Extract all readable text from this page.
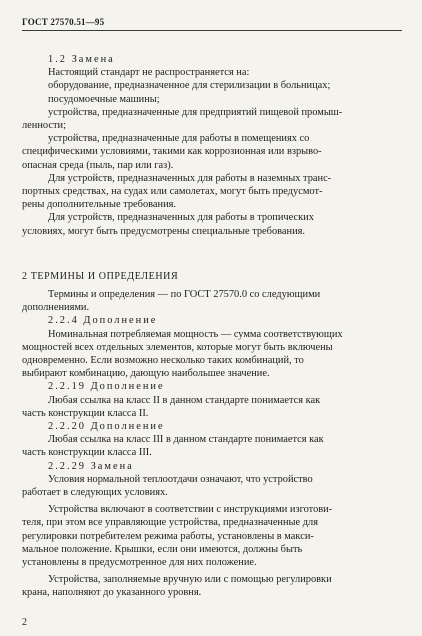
ГОСТ 27570.51—95

1.2 Замена

Настоящий стандарт не распространяется на:

оборудование, предназначенное для стерилизации в больницах;

посудомоечные машины;

устройства, предназначенные для предприятий пищевой промыш-

ленности;

устройства, предназначенные для работы в помещениях со

специфическими условиями, такими как коррозионная или взрыво-

опасная среда (пыль, пар или газ).

Для устройств, предназначенных для работы в наземных транс-

портных средствах, на судах или самолетах, могут быть предусмот-

рены дополнительные требования.

Для устройств, предназначенных для работы в тропических

условиях, могут быть предусмотрены специальные требования.

2 ТЕРМИНЫ И ОПРЕДЕЛЕНИЯ

Термины и определения — по ГОСТ 27570.0 со следующими

дополнениями.

2.2.4 Дополнение

Номинальная потребляемая мощность — сумма соответствующих

мощностей всех отдельных элементов, которые могут быть включены

одновременно. Если возможно несколько таких комбинаций, то

выбирают комбинацию, дающую наибольшее значение.

2.2.19 Дополнение

Любая ссылка на класс II в данном стандарте понимается как

часть конструкции класса II.

2.2.20 Дополнение

Любая ссылка на класс III в данном стандарте понимается как

часть конструкции класса III.

2.2.29 Замена

Условия нормальной теплоотдачи означают, что устройство

работает в следующих условиях.

Устройства включают в соответствии с инструкциями изготови-

теля, при этом все управляющие устройства, предназначенные для

регулировки потребителем режима работы, установлены в макси-

мальное положение. Крышки, если они имеются, должны быть

установлены в предусмотренное для них положение.

Устройства, заполняемые вручную или с помощью регулировки

крана, наполняют до указанного уровня.

2
